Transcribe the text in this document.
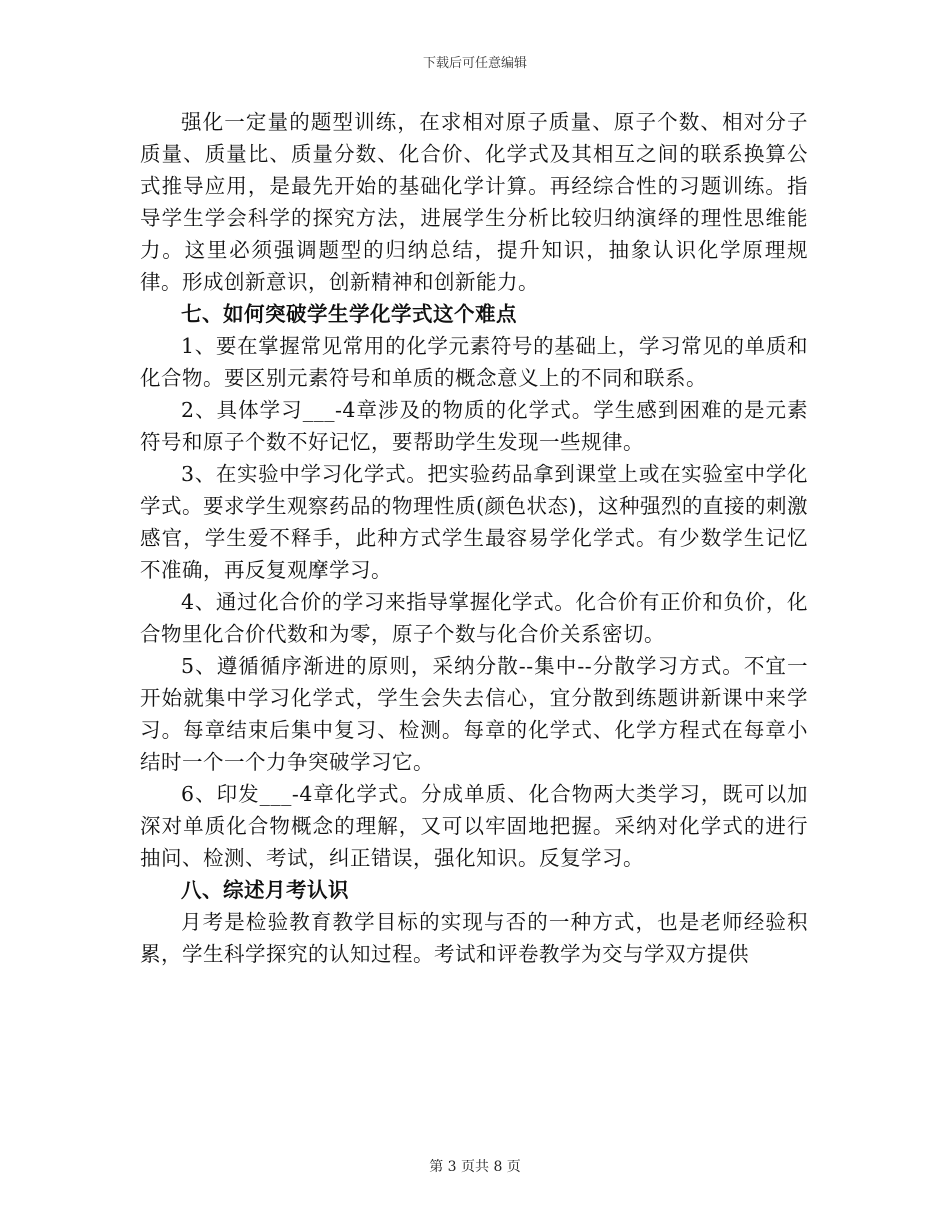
下载后可任意编辑

强化一定量的题型训练，在求相对原子质量、原子个数、相对分子质量、质量比、质量分数、化合价、化学式及其相互之间的联系换算公式推导应用，是最先开始的基础化学计算。再经综合性的习题训练。指导学生学会科学的探究方法，进展学生分析比较归纳演绎的理性思维能力。这里必须强调题型的归纳总结，提升知识，抽象认识化学原理规律。形成创新意识，创新精神和创新能力。

七、如何突破学生学化学式这个难点

1、要在掌握常见常用的化学元素符号的基础上，学习常见的单质和化合物。要区别元素符号和单质的概念意义上的不同和联系。

2、具体学习___-4章涉及的物质的化学式。学生感到困难的是元素符号和原子个数不好记忆，要帮助学生发现一些规律。

3、在实验中学习化学式。把实验药品拿到课堂上或在实验室中学化学式。要求学生观察药品的物理性质(颜色状态)，这种强烈的直接的刺激感官，学生爱不释手，此种方式学生最容易学化学式。有少数学生记忆不准确，再反复观摩学习。

4、通过化合价的学习来指导掌握化学式。化合价有正价和负价，化合物里化合价代数和为零，原子个数与化合价关系密切。

5、遵循循序渐进的原则，采纳分散--集中--分散学习方式。不宜一开始就集中学习化学式，学生会失去信心，宜分散到练题讲新课中来学习。每章结束后集中复习、检测。每章的化学式、化学方程式在每章小结时一个一个力争突破学习它。

6、印发___-4章化学式。分成单质、化合物两大类学习，既可以加深对单质化合物概念的理解，又可以牢固地把握。采纳对化学式的进行抽问、检测、考试，纠正错误，强化知识。反复学习。

八、综述月考认识

月考是检验教育教学目标的实现与否的一种方式，也是老师经验积累，学生科学探究的认知过程。考试和评卷教学为交与学双方提供

第 3 页共 8 页
